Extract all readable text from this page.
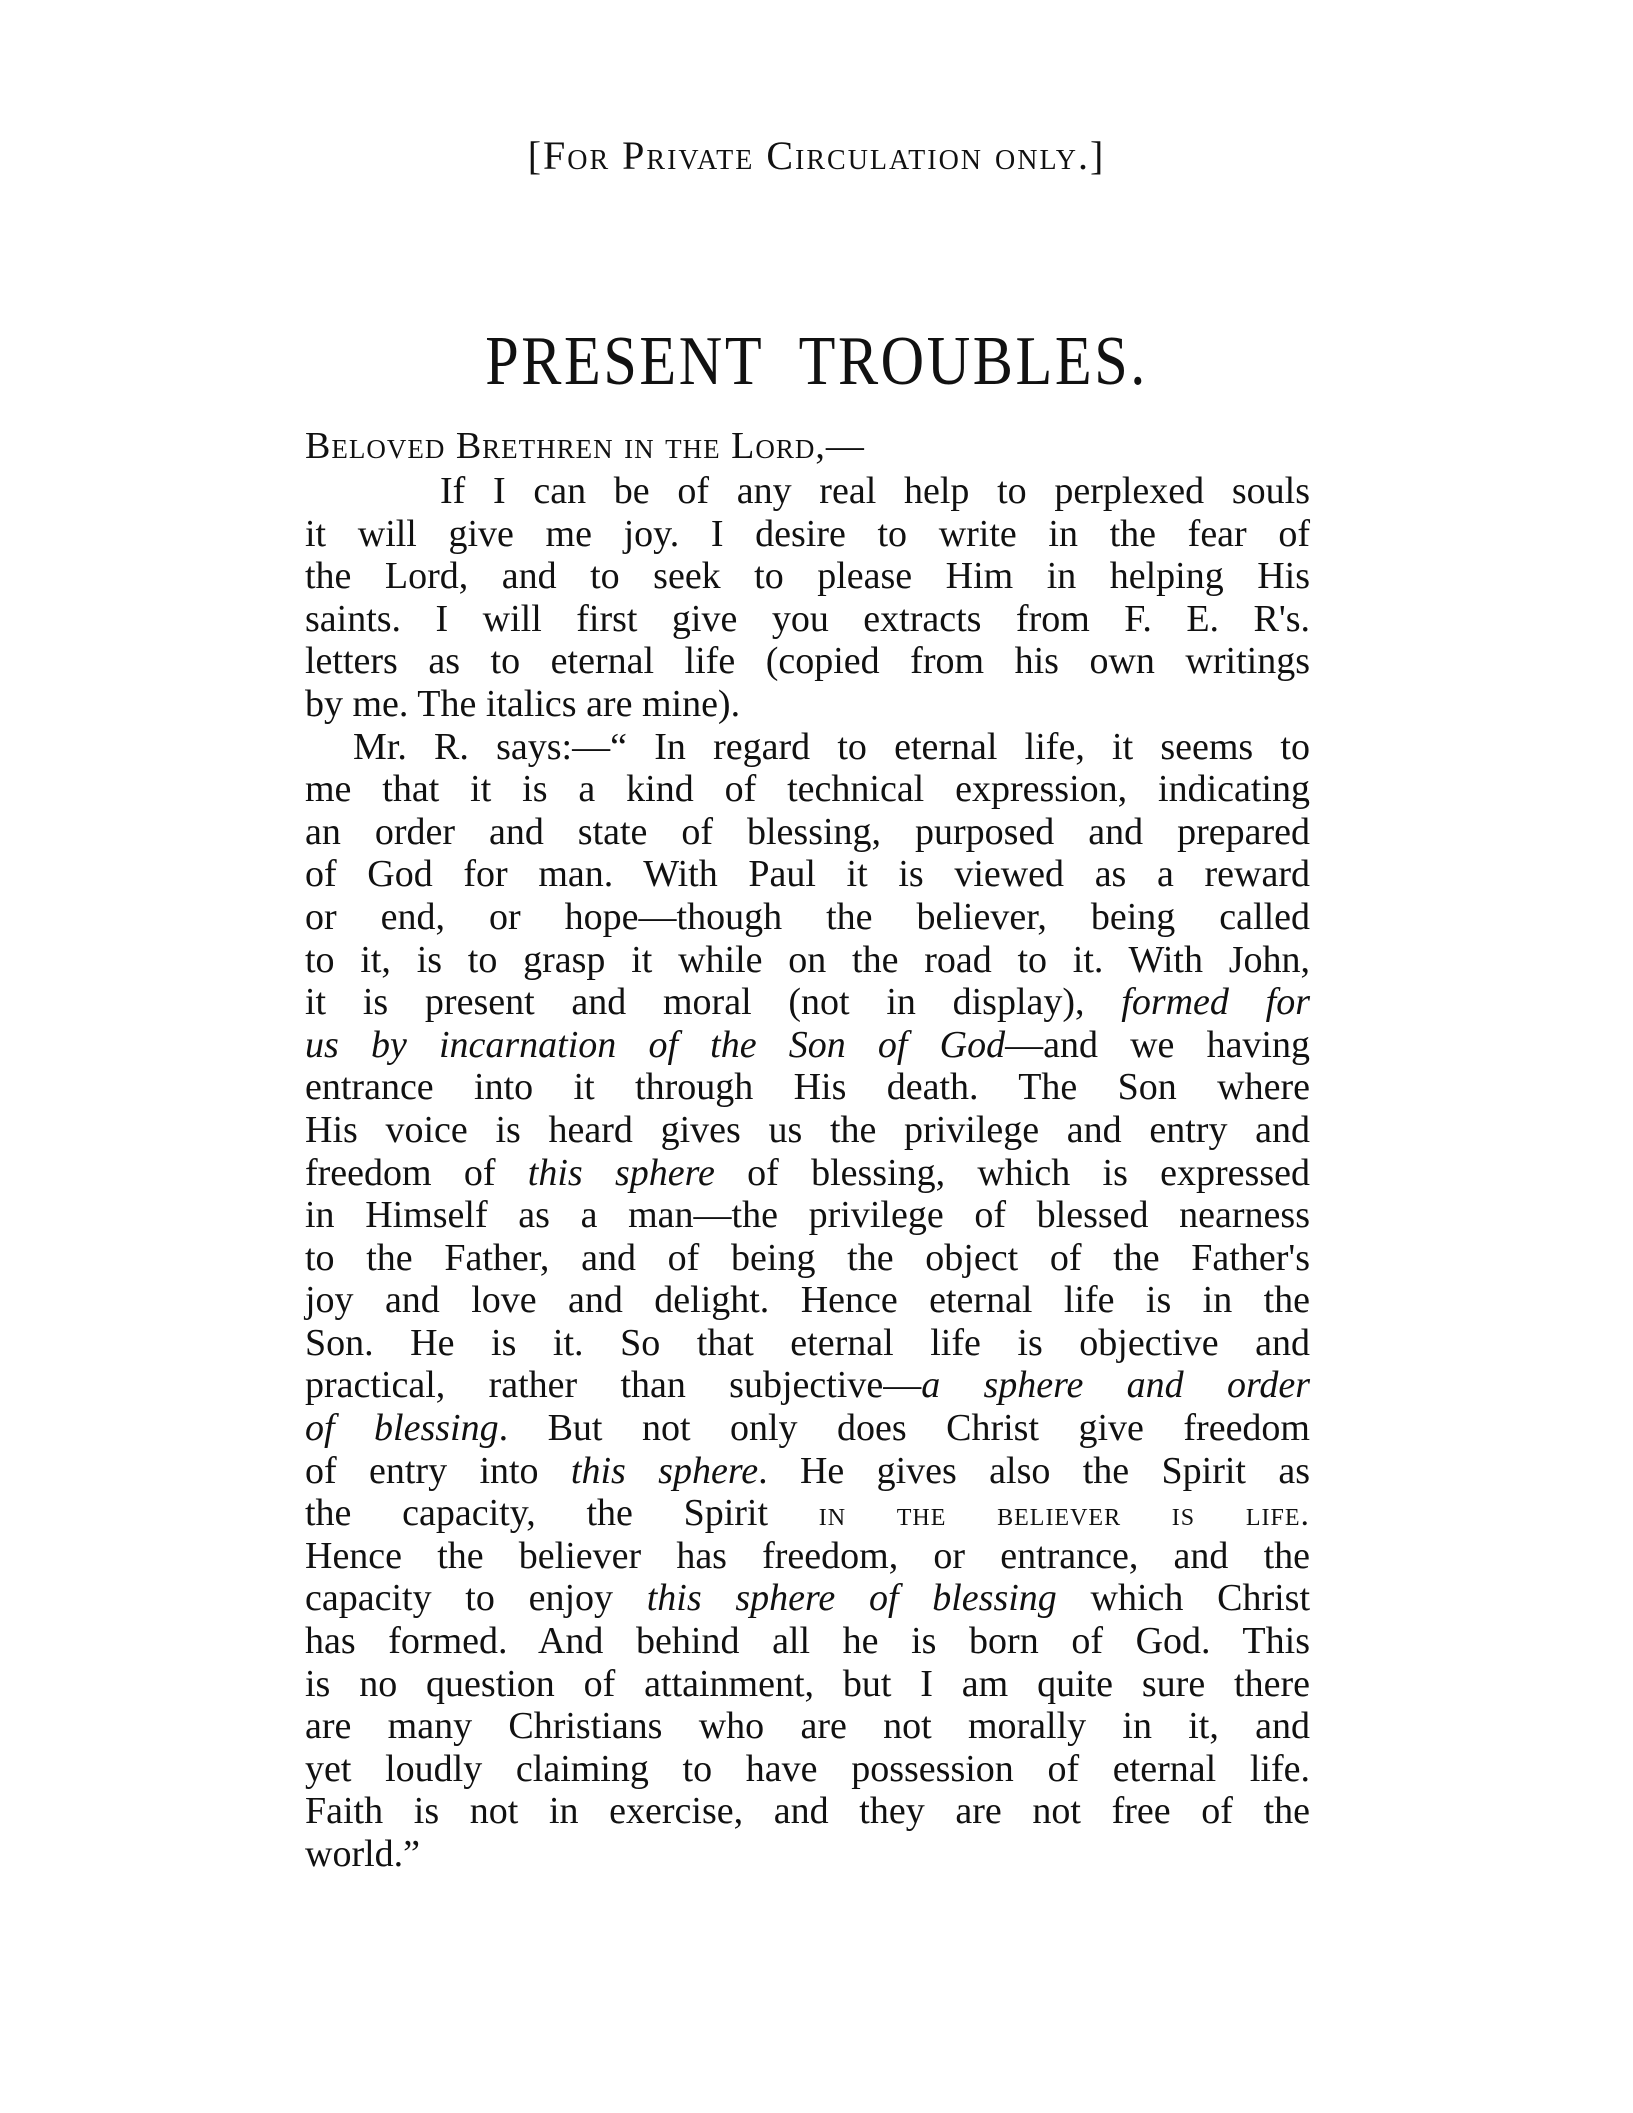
[For Private Circulation only.]
PRESENT TROUBLES.
Beloved Brethren in the Lord,—
If I can be of any real help to perplexed souls
it will give me joy. I desire to write in the fear of
the Lord, and to seek to please Him in helping His
saints. I will first give you extracts from F. E. R's.
letters as to eternal life (copied from his own writings
by me. The italics are mine).
Mr. R. says:—“ In regard to eternal life, it seems to
me that it is a kind of technical expression, indicating
an order and state of blessing, purposed and prepared
of God for man. With Paul it is viewed as a reward
or end, or hope—though the believer, being called
to it, is to grasp it while on the road to it. With John,
it is present and moral (not in display), formed for
us by incarnation of the Son of God—and we having
entrance into it through His death. The Son where
His voice is heard gives us the privilege and entry and
freedom of this sphere of blessing, which is expressed
in Himself as a man—the privilege of blessed nearness
to the Father, and of being the object of the Father's
joy and love and delight. Hence eternal life is in the
Son. He is it. So that eternal life is objective and
practical, rather than subjective—a sphere and order
of blessing. But not only does Christ give freedom
of entry into this sphere. He gives also the Spirit as
the capacity, the Spirit in the believer is life.
Hence the believer has freedom, or entrance, and the
capacity to enjoy this sphere of blessing which Christ
has formed. And behind all he is born of God. This
is no question of attainment, but I am quite sure there
are many Christians who are not morally in it, and
yet loudly claiming to have possession of eternal life.
Faith is not in exercise, and they are not free of the
world.”
